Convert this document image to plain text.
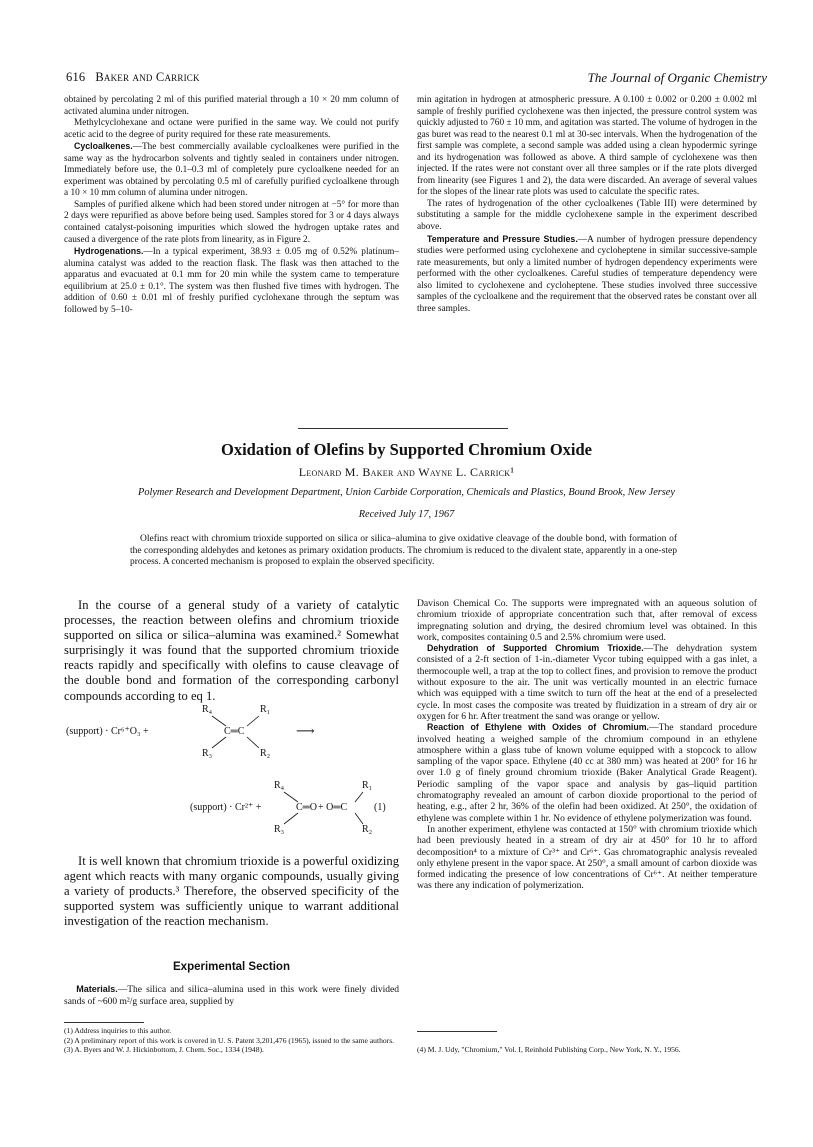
616 Baker and Carrick	The Journal of Organic Chemistry

obtained by percolating 2 ml of this purified material through a 10 × 20 mm column of activated alumina under nitrogen.

Methylcyclohexane and octane were purified in the same way. We could not purify acetic acid to the degree of purity required for these rate measurements.

Cycloalkenes.—The best commercially available cycloalkenes were purified in the same way as the hydrocarbon solvents and tightly sealed in containers under nitrogen. Immediately before use, the 0.1–0.3 ml of completely pure cycloalkene needed for an experiment was obtained by percolating 0.5 ml of carefully purified cycloalkene through a 10 × 10 mm column of alumina under nitrogen.

Samples of purified alkene which had been stored under nitrogen at −5° for more than 2 days were repurified as above before being used. Samples stored for 3 or 4 days always contained catalyst-poisoning impurities which slowed the hydrogen uptake rates and caused a divergence of the rate plots from linearity, as in Figure 2.

Hydrogenations.—In a typical experiment, 38.93 ± 0.05 mg of 0.52% platinum–alumina catalyst was added to the reaction flask. The flask was then attached to the apparatus and evacuated at 0.1 mm for 20 min while the system came to temperature equilibrium at 25.0 ± 0.1°. The system was then flushed five times with hydrogen. The addition of 0.60 ± 0.01 ml of freshly purified cyclohexane through the septum was followed by 5–10-

min agitation in hydrogen at atmospheric pressure. A 0.100 ± 0.002 or 0.200 ± 0.002 ml sample of freshly purified cyclohexene was then injected, the pressure control system was quickly adjusted to 760 ± 10 mm, and agitation was started. The volume of hydrogen in the gas buret was read to the nearest 0.1 ml at 30-sec intervals. When the hydrogenation of the first sample was complete, a second sample was added using a clean hypodermic syringe and its hydrogenation was followed as above. A third sample of cyclohexene was then injected. If the rates were not constant over all three samples or if the rate plots diverged from linearity (see Figures 1 and 2), the data were discarded. An average of several values for the slopes of the linear rate plots was used to calculate the specific rates.

The rates of hydrogenation of the other cycloalkenes (Table III) were determined by substituting a sample for the middle cyclohexene sample in the experiment described above.

Temperature and Pressure Studies.—A number of hydrogen pressure dependency studies were performed using cyclohexene and cycloheptene in similar successive-sample rate measurements, but only a limited number of hydrogen dependency experiments were performed with the other cycloalkenes. Careful studies of temperature dependency were also limited to cyclohexene and cycloheptene. These studies involved three successive samples of the cycloalkene and the requirement that the observed rates be constant over all three samples.

Oxidation of Olefins by Supported Chromium Oxide
Leonard M. Baker and Wayne L. Carrick¹
Polymer Research and Development Department, Union Carbide Corporation, Chemicals and Plastics, Bound Brook, New Jersey
Received July 17, 1967
Olefins react with chromium trioxide supported on silica or silica–alumina to give oxidative cleavage of the double bond, with formation of the corresponding aldehydes and ketones as primary oxidation products. The chromium is reduced to the divalent state, apparently in a one-step process. A concerted mechanism is proposed to explain the observed specificity.

In the course of a general study of a variety of catalytic processes, the reaction between olefins and chromium trioxide supported on silica or silica–alumina was examined.² Somewhat surprisingly it was found that the supported chromium trioxide reacts rapidly and specifically with olefins to cause cleavage of the double bond and formation of the corresponding carbonyl compounds according to eq 1.

(support) · Cr⁶⁺O₃ +
R₄	R₁
C═C
R₃	R₂
⟶
(support) · Cr²⁺ +
R₄
R₃
C═O + O═C
R₁
R₂
(1)

It is well known that chromium trioxide is a powerful oxidizing agent which reacts with many organic compounds, usually giving a variety of products.³ Therefore, the observed specificity of the supported system was sufficiently unique to warrant additional investigation of the reaction mechanism.

Experimental Section
Materials.—The silica and silica–alumina used in this work were finely divided sands of ~600 m²/g surface area, supplied by
(1) Address inquiries to this author.
(2) A preliminary report of this work is covered in U. S. Patent 3,201,476 (1965), issued to the same authors.
(3) A. Byers and W. J. Hickinbottom, J. Chem. Soc., 1334 (1948).

Davison Chemical Co. The supports were impregnated with an aqueous solution of chromium trioxide of appropriate concentration such that, after removal of excess impregnating solution and drying, the desired chromium level was obtained. In this work, composites containing 0.5 and 2.5% chromium were used.

Dehydration of Supported Chromium Trioxide.—The dehydration system consisted of a 2-ft section of 1-in.-diameter Vycor tubing equipped with a gas inlet, a thermocouple well, a trap at the top to collect fines, and provision to remove the product without exposure to the air. The unit was vertically mounted in an electric furnace which was equipped with a time switch to turn off the heat at the end of a preselected cycle. In most cases the composite was treated by fluidization in a stream of dry air or oxygen for 6 hr. After treatment the sand was orange or yellow.

Reaction of Ethylene with Oxides of Chromium.—The standard procedure involved heating a weighed sample of the chromium compound in an ethylene atmosphere within a glass tube of known volume equipped with a stopcock to allow sampling of the vapor space. Ethylene (40 cc at 380 mm) was heated at 200° for 16 hr over 1.0 g of finely ground chromium trioxide (Baker Analytical Grade Reagent). Periodic sampling of the vapor space and analysis by gas–liquid partition chromatography revealed an amount of carbon dioxide proportional to the period of heating, e.g., after 2 hr, 36% of the olefin had been oxidized. At 250°, the oxidation of ethylene was complete within 1 hr. No evidence of ethylene polymerization was found.

In another experiment, ethylene was contacted at 150° with chromium trioxide which had been previously heated in a stream of dry air at 450° for 10 hr to afford decomposition⁴ to a mixture of Cr³⁺ and Cr⁶⁺. Gas chromatographic analysis revealed only ethylene present in the vapor space. At 250°, a small amount of carbon dioxide was formed indicating the presence of low concentrations of Cr⁶⁺. At neither temperature was there any indication of polymerization.

(4) M. J. Udy, "Chromium," Vol. I, Reinhold Publishing Corp., New York, N. Y., 1956.
